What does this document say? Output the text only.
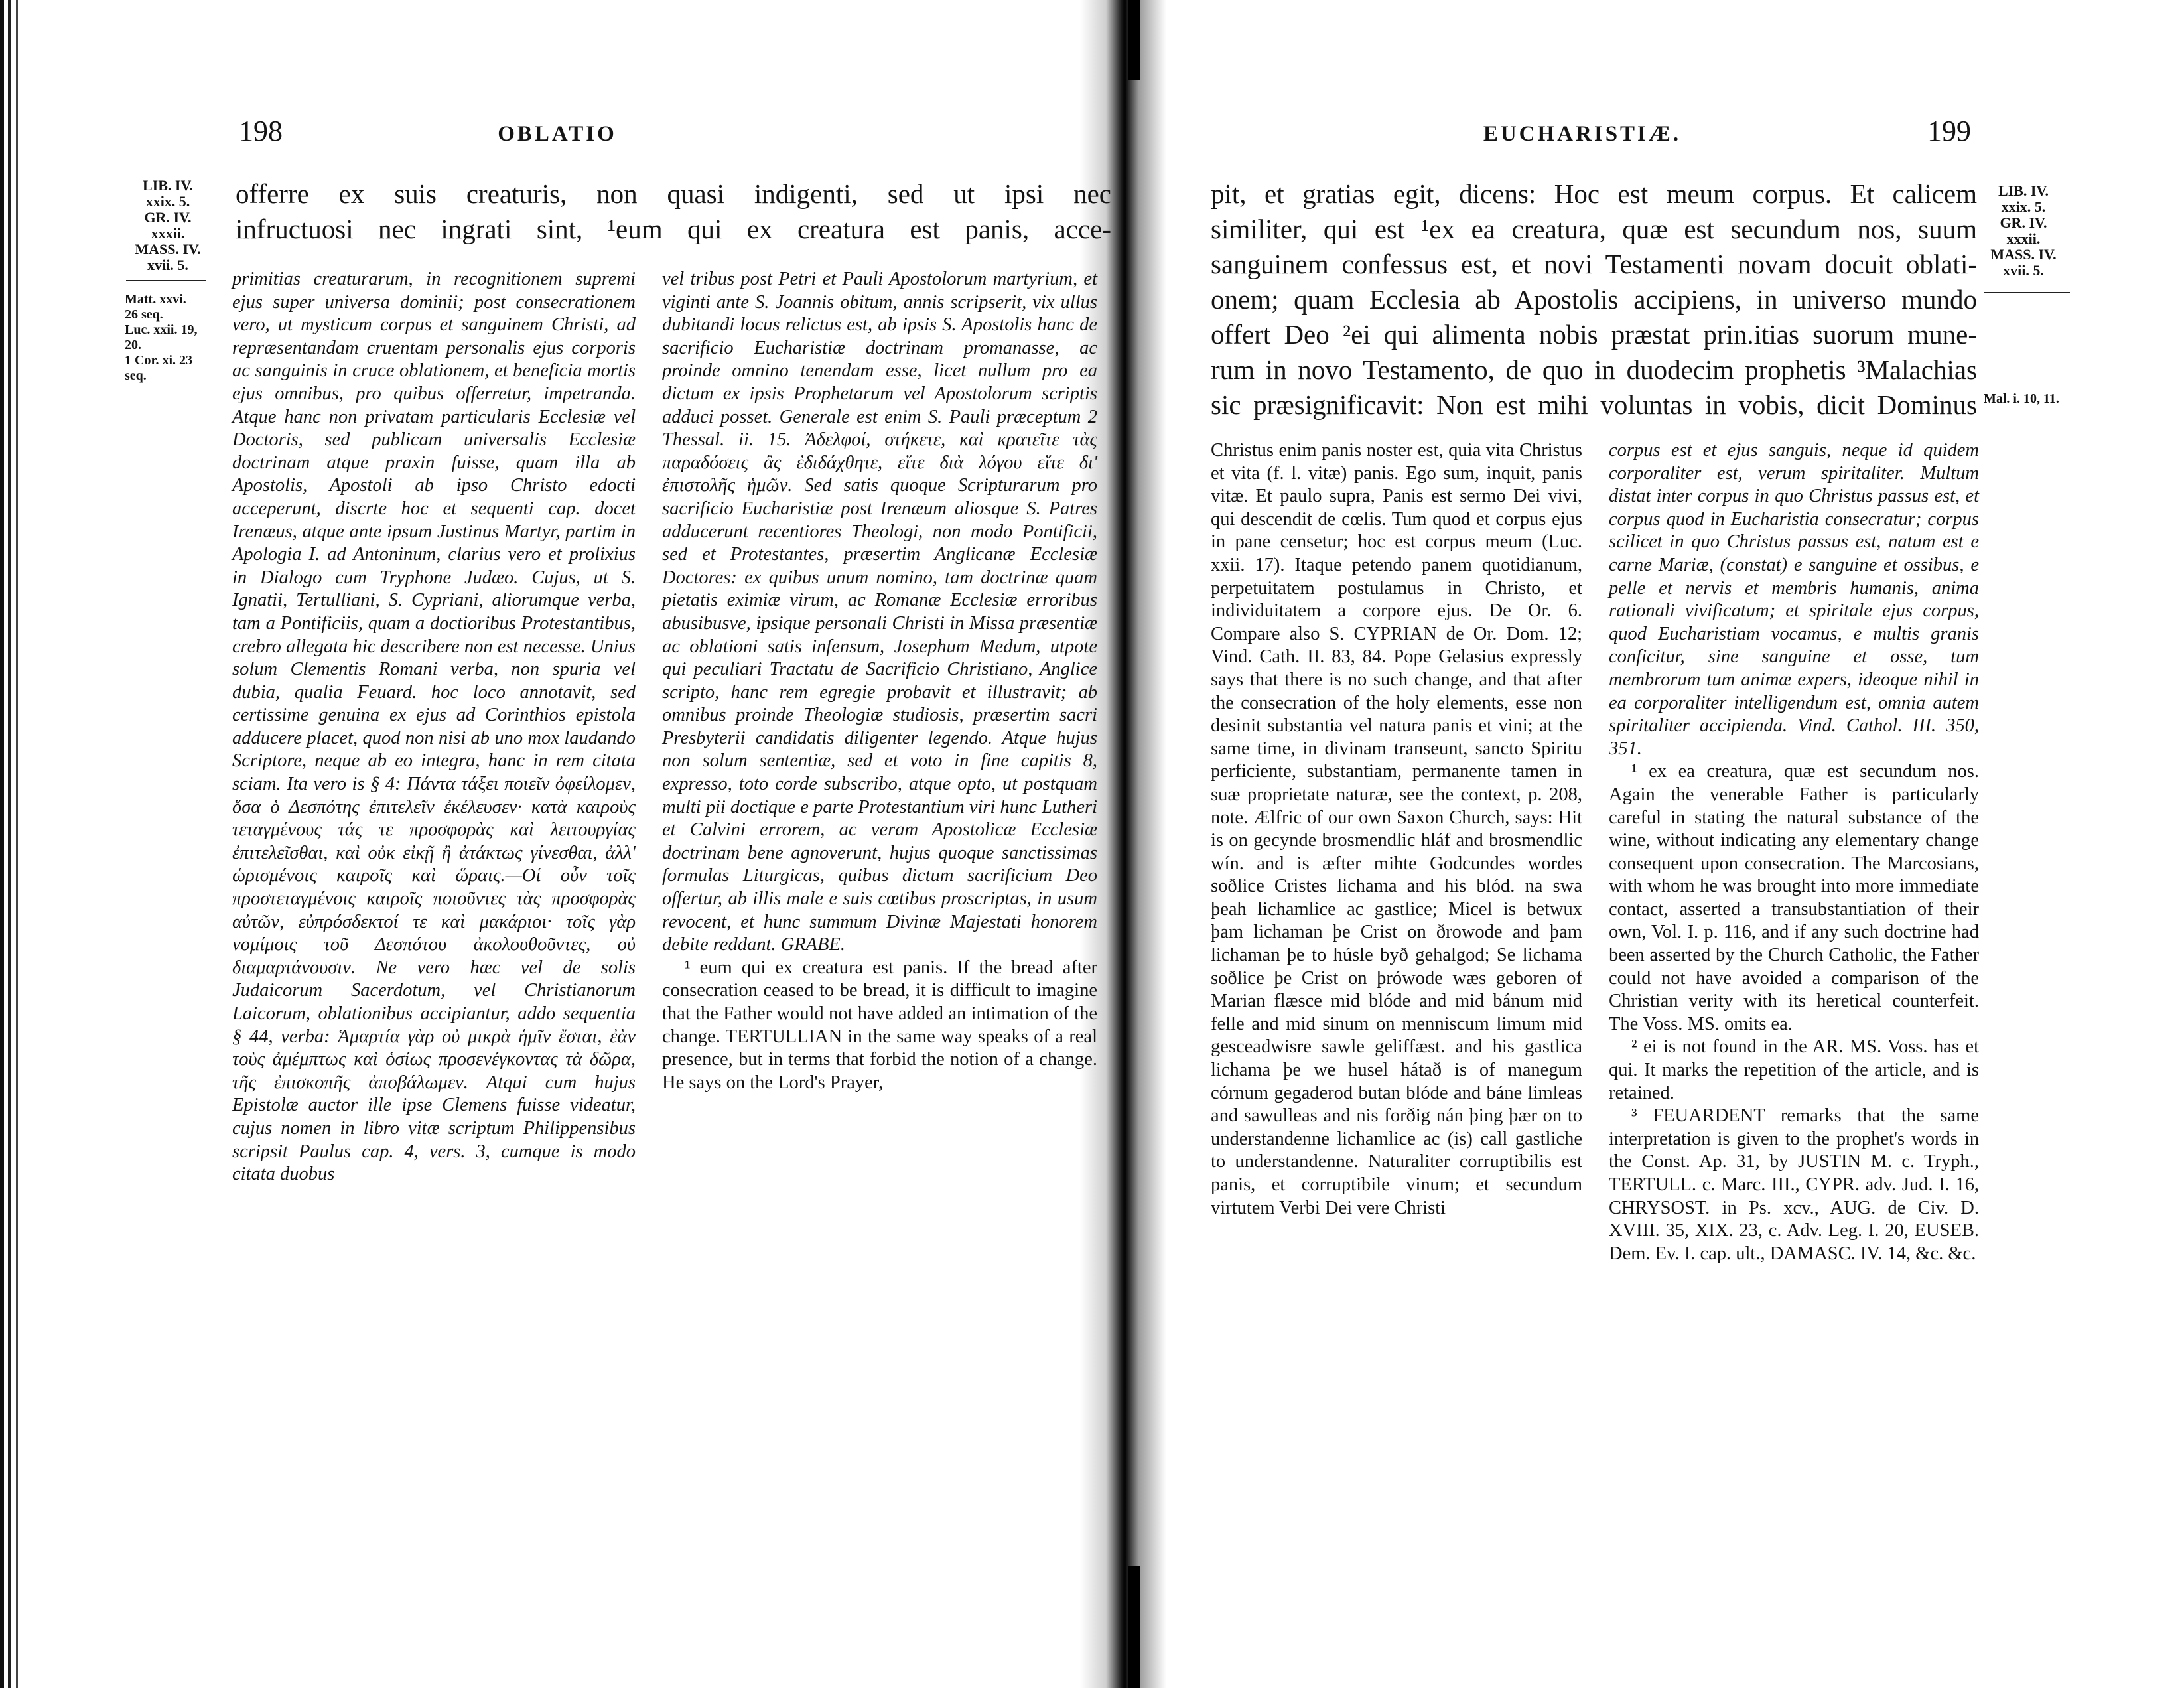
198	OBLATIO
LIB. IV.
xxix. 5.
GR. IV.
xxxii.
MASS. IV.
xvii. 5.
Matt. xxvi.
26 seq.
Luc. xxii. 19,
20.
1 Cor. xi. 23
seq.
offerre ex suis creaturis, non quasi indigenti, sed ut ipsi nec
infructuosi nec ingrati sint, ¹eum qui ex creatura est panis, acce-

primitias creaturarum, in recognitionem supremi ejus super universa dominii; post consecrationem vero, ut mysticum corpus et sanguinem Christi, ad repræsentandam cruentam personalis ejus corporis ac sanguinis in cruce oblationem, et beneficia mortis ejus omnibus, pro quibus offerretur, impetranda. Atque hanc non privatam particularis Ecclesiæ vel Doctoris, sed publicam universalis Ecclesiæ doctrinam atque praxin fuisse, quam illa ab Apostolis, Apostoli ab ipso Christo edocti acceperunt, discrte hoc et sequenti cap. docet Irenæus, atque ante ipsum Justinus Martyr, partim in Apologia I. ad Antoninum, clarius vero et prolixius in Dialogo cum Tryphone Judæo. Cujus, ut S. Ignatii, Tertulliani, S. Cypriani, aliorumque verba, tam a Pontificiis, quam a doctioribus Protestantibus, crebro allegata hic describere non est necesse. Unius solum Clementis Romani verba, non spuria vel dubia, qualia Feuard. hoc loco annotavit, sed certissime genuina ex ejus ad Corinthios epistola adducere placet, quod non nisi ab uno mox laudando Scriptore, neque ab eo integra, hanc in rem citata sciam. Ita vero is § 4: Πάντα τάξει ποιεῖν ὀφείλομεν, ὅσα ὁ Δεσπότης ἐπιτελεῖν ἐκέλευσεν· κατὰ καιροὺς τεταγμένους τάς τε προσφορὰς καὶ λειτουργίας ἐπιτελεῖσθαι, καὶ οὐκ εἰκῇ ἢ ἀτάκτως γίνεσθαι, ἀλλ' ὡρισμένοις καιροῖς καὶ ὥραις.—Οἱ οὖν τοῖς προστεταγμένοις καιροῖς ποιοῦντες τὰς προσφορὰς αὐτῶν, εὐπρόσδεκτοί τε καὶ μακάριοι· τοῖς γὰρ νομίμοις τοῦ Δεσπότου ἀκολουθοῦντες, οὐ διαμαρτάνουσιν. Ne vero hæc vel de solis Judaicorum Sacerdotum, vel Christianorum Laicorum, oblationibus accipiantur, addo sequentia § 44, verba: Ἁμαρτία γὰρ οὐ μικρὰ ἡμῖν ἔσται, ἐὰν τοὺς ἀμέμπτως καὶ ὁσίως προσενέγκοντας τὰ δῶρα, τῆς ἐπισκοπῆς ἀποβάλωμεν. Atqui cum hujus Epistolæ auctor ille ipse Clemens fuisse videatur, cujus nomen in libro vitæ scriptum Philippensibus scripsit Paulus cap. 4, vers. 3, cumque is modo citata duobus

vel tribus post Petri et Pauli Apostolorum martyrium, et viginti ante S. Joannis obitum, annis scripserit, vix ullus dubitandi locus relictus est, ab ipsis S. Apostolis hanc de sacrificio Eucharistiæ doctrinam promanasse, ac proinde omnino tenendam esse, licet nullum pro ea dictum ex ipsis Prophetarum vel Apostolorum scriptis adduci posset. Generale est enim S. Pauli præceptum 2 Thessal. ii. 15. Ἀδελφοί, στήκετε, καὶ κρατεῖτε τὰς παραδόσεις ἃς ἐδιδάχθητε, εἴτε διὰ λόγου εἴτε δι' ἐπιστολῆς ἡμῶν. Sed satis quoque Scripturarum pro sacrificio Eucharistiæ post Irenæum aliosque S. Patres adducerunt recentiores Theologi, non modo Pontificii, sed et Protestantes, præsertim Anglicanæ Ecclesiæ Doctores: ex quibus unum nomino, tam doctrinæ quam pietatis eximiæ virum, ac Romanæ Ecclesiæ erroribus abusibusve, ipsique personali Christi in Missa præsentiæ ac oblationi satis infensum, Josephum Medum, utpote qui peculiari Tractatu de Sacrificio Christiano, Anglice scripto, hanc rem egregie probavit et illustravit; ab omnibus proinde Theologiæ studiosis, præsertim sacri Presbyterii candidatis diligenter legendo. Atque hujus non solum sententiæ, sed et voto in fine capitis 8, expresso, toto corde subscribo, atque opto, ut postquam multi pii doctique e parte Protestantium viri hunc Lutheri et Calvini errorem, ac veram Apostolicæ Ecclesiæ doctrinam bene agnoverunt, hujus quoque sanctissimas formulas Liturgicas, quibus dictum sacrificium Deo offertur, ab illis male e suis cœtibus proscriptas, in usum revocent, et hunc summum Divinæ Majestati honorem debite reddant. GRABE.

¹ eum qui ex creatura est panis. If the bread after consecration ceased to be bread, it is difficult to imagine that the Father would not have added an intimation of the change. TERTULLIAN in the same way speaks of a real presence, but in terms that forbid the notion of a change. He says on the Lord's Prayer,

EUCHARISTIÆ.	199
pit, et gratias egit, dicens: Hoc est meum corpus. Et calicem
similiter, qui est ¹ex ea creatura, quæ est secundum nos, suum
sanguinem confessus est, et novi Testamenti novam docuit oblati-
onem; quam Ecclesia ab Apostolis accipiens, in universo mundo
offert Deo ²ei qui alimenta nobis præstat prin.itias suorum mune-
rum in novo Testamento, de quo in duodecim prophetis ³Malachias
sic præsignificavit: Non est mihi voluntas in vobis, dicit Dominus
LIB. IV.
xxix. 5.
GR. IV.
xxxii.
MASS. IV.
xvii. 5.
Mal. i. 10, 11.

Christus enim panis noster est, quia vita Christus et vita (f. l. vitæ) panis. Ego sum, inquit, panis vitæ. Et paulo supra, Panis est sermo Dei vivi, qui descendit de cœlis. Tum quod et corpus ejus in pane censetur; hoc est corpus meum (Luc. xxii. 17). Itaque petendo panem quotidianum, perpetuitatem postulamus in Christo, et individuitatem a corpore ejus. De Or. 6. Compare also S. CYPRIAN de Or. Dom. 12; Vind. Cath. II. 83, 84. Pope Gelasius expressly says that there is no such change, and that after the consecration of the holy elements, esse non desinit substantia vel natura panis et vini; at the same time, in divinam transeunt, sancto Spiritu perficiente, substantiam, permanente tamen in suæ proprietate naturæ, see the context, p. 208, note. Ælfric of our own Saxon Church, says: Hit is on gecynde brosmendlic hláf and brosmendlic wín. and is æfter mihte Godcundes wordes soðlice Cristes lichama and his blód. na swa þeah lichamlice ac gastlice; Micel is betwux þam lichaman þe Crist on ðrowode and þam lichaman þe to húsle byð gehalgod; Se lichama soðlice þe Crist on þrówode wæs geboren of Marian flæsce mid blóde and mid bánum mid felle and mid sinum on menniscum limum mid gesceadwisre sawle geliffæst. and his gastlica lichama þe we husel hátað is of manegum córnum gegaderod butan blóde and báne limleas and sawulleas and nis forðig nán þing þær on to understandenne lichamlice ac (is) call gastliche to understandenne. Naturaliter corruptibilis est panis, et corruptibile vinum; et secundum virtutem Verbi Dei vere Christi

corpus est et ejus sanguis, neque id quidem corporaliter est, verum spiritaliter. Multum distat inter corpus in quo Christus passus est, et corpus quod in Eucharistia consecratur; corpus scilicet in quo Christus passus est, natum est e carne Mariæ, (constat) e sanguine et ossibus, e pelle et nervis et membris humanis, anima rationali vivificatum; et spiritale ejus corpus, quod Eucharistiam vocamus, e multis granis conficitur, sine sanguine et osse, tum membrorum tum animæ expers, ideoque nihil in ea corporaliter intelligendum est, omnia autem spiritaliter accipienda. Vind. Cathol. III. 350, 351.

¹ ex ea creatura, quæ est secundum nos. Again the venerable Father is particularly careful in stating the natural substance of the wine, without indicating any elementary change consequent upon consecration. The Marcosians, with whom he was brought into more immediate contact, asserted a transubstantiation of their own, Vol. I. p. 116, and if any such doctrine had been asserted by the Church Catholic, the Father could not have avoided a comparison of the Christian verity with its heretical counterfeit. The Voss. MS. omits ea.

² ei is not found in the AR. MS. Voss. has et qui. It marks the repetition of the article, and is retained.

³ FEUARDENT remarks that the same interpretation is given to the prophet's words in the Const. Ap. 31, by JUSTIN M. c. Tryph., TERTULL. c. Marc. III., CYPR. adv. Jud. I. 16, CHRYSOST. in Ps. xcv., AUG. de Civ. D. XVIII. 35, XIX. 23, c. Adv. Leg. I. 20, EUSEB. Dem. Ev. I. cap. ult., DAMASC. IV. 14, &c. &c.
